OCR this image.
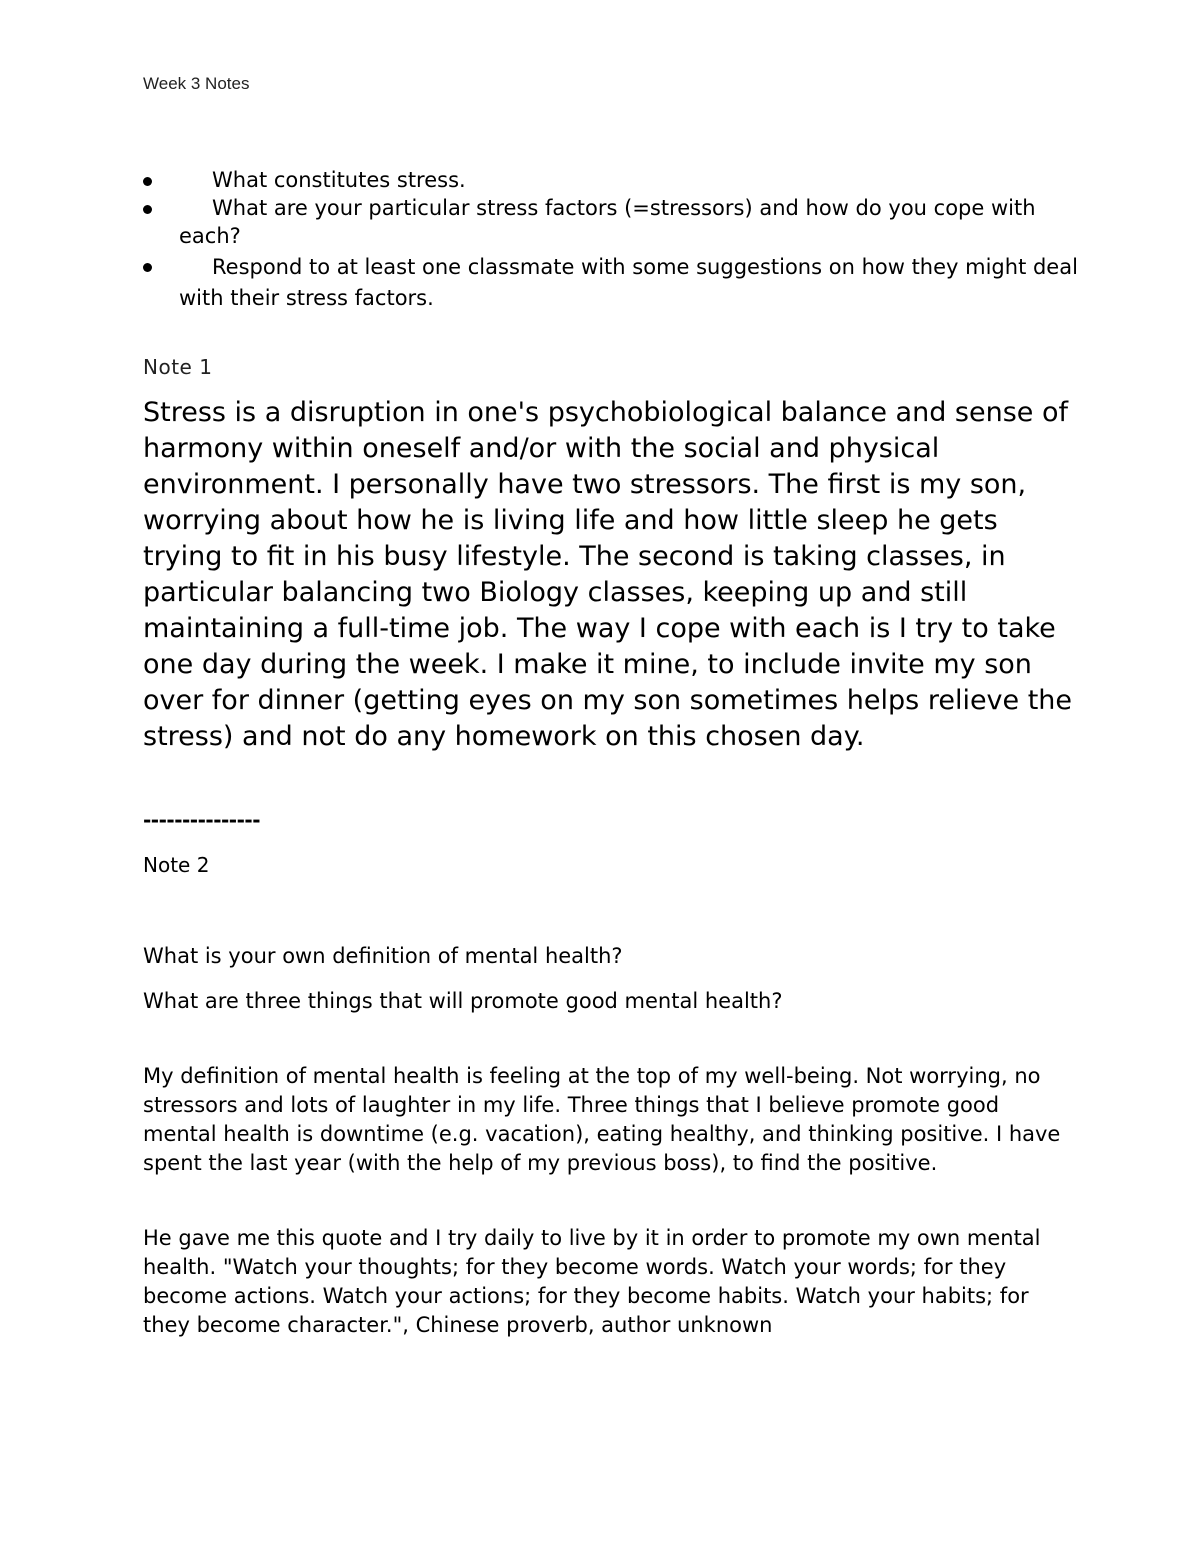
Week 3 Notes
What constitutes stress.
What are your particular stress factors (=stressors) and how do you cope with each?
Respond to at least one classmate with some suggestions on how they might deal with their stress factors.
Note 1

Stress is a disruption in one's psychobiological balance and sense of harmony within oneself and/or with the social and physical environment. I personally have two stressors. The first is my son, worrying about how he is living life and how little sleep he gets trying to fit in his busy lifestyle. The second is taking classes, in particular balancing two Biology classes, keeping up and still maintaining a full-time job. The way I cope with each is I try to take one day during the week. I make it mine, to include invite my son over for dinner (getting eyes on my son sometimes helps relieve the stress) and not do any homework on this chosen day.

---------------
Note 2

What is your own definition of mental health?

What are three things that will promote good mental health?

My definition of mental health is feeling at the top of my well-being. Not worrying, no stressors and lots of laughter in my life. Three things that I believe promote good mental health is downtime (e.g. vacation), eating healthy, and thinking positive. I have spent the last year (with the help of my previous boss), to find the positive.

He gave me this quote and I try daily to live by it in order to promote my own mental health. "Watch your thoughts; for they become words. Watch your words; for they become actions. Watch your actions; for they become habits. Watch your habits; for they become character.", Chinese proverb, author unknown
